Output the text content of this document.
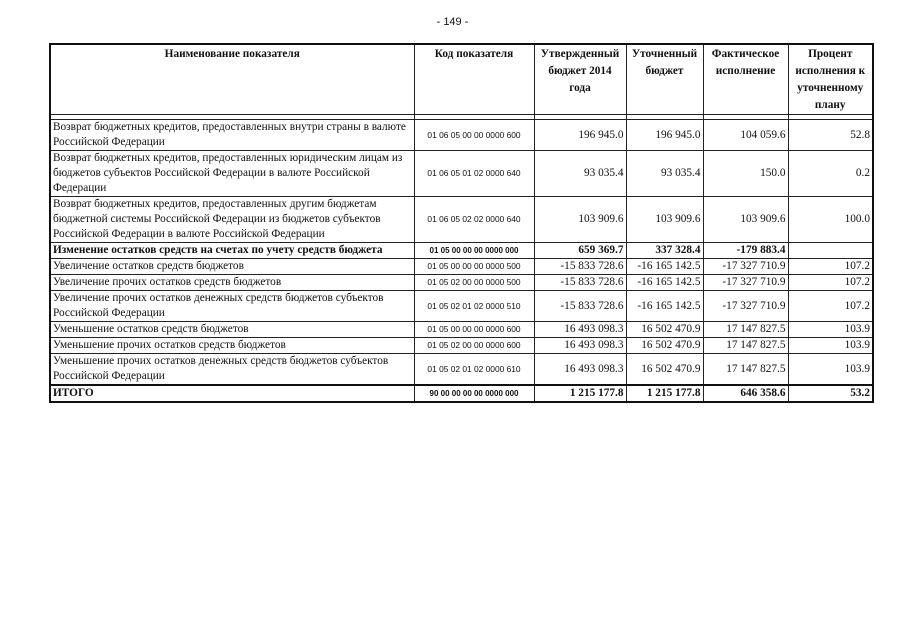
- 149 -
Наименование показателя	Код показателя	Утвержденный бюджет 2014 года	Уточненный бюджет	Фактическое исполнение	Процент исполнения к уточненному плану

Возврат бюджетных кредитов, предоставленных внутри страны в валюте Российской Федерации	01 06 05 00 00 0000 600	196 945.0	196 945.0	104 059.6	52.8
Возврат бюджетных кредитов, предоставленных юридическим лицам из бюджетов субъектов Российской Федерации в валюте Российской Федерации	01 06 05 01 02 0000 640	93 035.4	93 035.4	150.0	0.2
Возврат бюджетных кредитов, предоставленных другим бюджетам бюджетной системы Российской Федерации из бюджетов субъектов Российской Федерации в валюте Российской Федерации	01 06 05 02 02 0000 640	103 909.6	103 909.6	103 909.6	100.0
Изменение остатков средств на счетах по учету средств бюджета	01 05 00 00 00 0000 000	659 369.7	337 328.4	-179 883.4	
Увеличение остатков средств бюджетов	01 05 00 00 00 0000 500	-15 833 728.6	-16 165 142.5	-17 327 710.9	107.2
Увеличение прочих остатков средств бюджетов	01 05 02 00 00 0000 500	-15 833 728.6	-16 165 142.5	-17 327 710.9	107.2
Увеличение прочих остатков денежных средств бюджетов субъектов Российской Федерации	01 05 02 01 02 0000 510	-15 833 728.6	-16 165 142.5	-17 327 710.9	107.2
Уменьшение остатков средств бюджетов	01 05 00 00 00 0000 600	16 493 098.3	16 502 470.9	17 147 827.5	103.9
Уменьшение прочих остатков средств бюджетов	01 05 02 00 00 0000 600	16 493 098.3	16 502 470.9	17 147 827.5	103.9
Уменьшение прочих остатков денежных средств бюджетов субъектов Российской Федерации	01 05 02 01 02 0000 610	16 493 098.3	16 502 470.9	17 147 827.5	103.9
ИТОГО	90 00 00 00 00 0000 000	1 215 177.8	1 215 177.8	646 358.6	53.2
